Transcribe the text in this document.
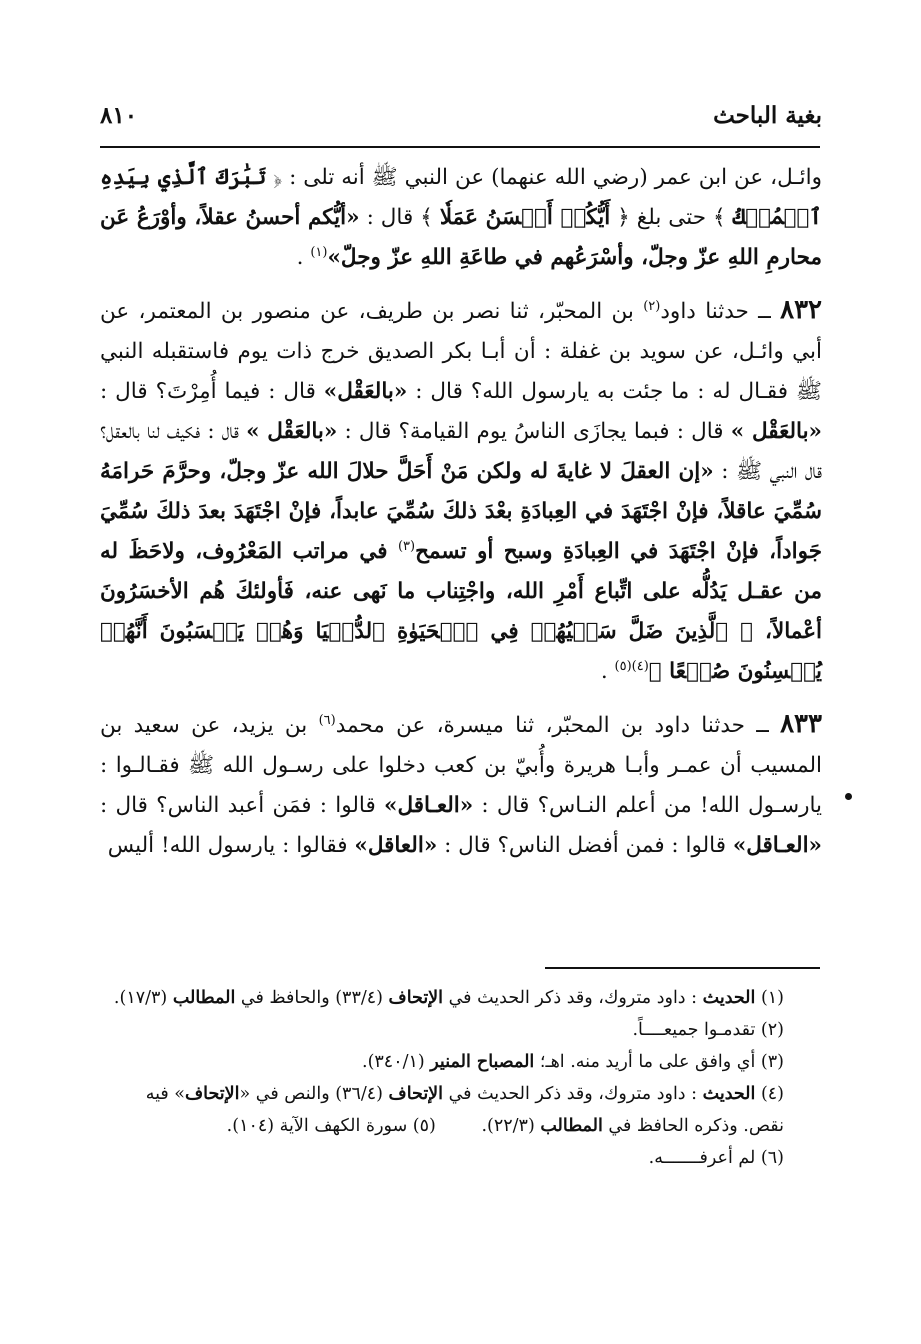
بغية الباحث
٨١٠

وائـل، عن ابن عمر (رضي الله عنهما) عن النبي ﷺ أنه تلى : ﴿ تَبَٰرَكَ ٱلَّذِي بِيَدِهِ ٱلۡمُلۡكُ ﴾ حتى بلغ ﴿ أَيُّكُمۡ أَحۡسَنُ عَمَلٗا ﴾ قال : «أيُّكم أحسنُ عقلاً، وأوْرَعُ عَن محارمِ اللهِ عزّ وجلّ، وأسْرَعُهم في طاعَةِ اللهِ عزّ وجلّ»$^{(١)}$ .

٨٣٢ ــ حدثنا داود$^{(٢)}$ بن المحبّر، ثنا نصر بن طريف، عن منصور بن المعتمر، عن أبي وائـل، عن سويد بن غفلة : أن أبـا بكر الصديق خرج ذات يوم فاستقبله النبي ﷺ فقـال له : ما جئت به يارسول الله؟ قال : «بالعَقْل» قال : فيما أُمِرْتَ؟ قال : «بالعَقْل » قال : فبما يجازَى الناسُ يوم القيامة؟ قال : «بالعَقْل » قال : فكيف لنا بالعقل؟ قال النبي ﷺ : «إن العقلَ لا غايةَ له ولكن مَنْ أَحَلَّ حلالَ الله عزّ وجلّ، وحرَّمَ حَرامَهُ سُمِّيَ عاقلاً، فإنْ اجْتَهَدَ في العِبادَةِ بعْدَ ذلكَ سُمِّيَ عابداً، فإنْ اجْتَهَدَ بعدَ ذلكَ سُمِّيَ جَواداً، فإنْ اجْتَهَدَ في العِبادَةِ وسبح أو تسمح$^{(٣)}$ في مراتب المَعْرُوف، ولاحَظَ له من عقـل يَدُلُّه على اتِّباع أَمْرِ الله، واجْتِناب ما نَهى عنه، فَأولئكَ هُم الأخسَرُونَ أعْمالاً، ﴿ ٱلَّذِينَ ضَلَّ سَعۡيُهُمۡ فِي ٱلۡحَيَوٰةِ ٱلدُّنۡيَا وَهُمۡ يَحۡسَبُونَ أَنَّهُمۡ يُحۡسِنُونَ صُنۡعًا ﴾$^{(٤)(٥)}$ .

٨٣٣ ــ حدثنا داود بن المحبّر، ثنا ميسرة، عن محمد$^{(٦)}$ بن يزيد، عن سعيد بن المسيب أن عمـر وأبـا هريرة وأُبيّ بن كعب دخلوا على رسـول الله ﷺ فقـالـوا : يارسـول الله! من أعلم النـاس؟ قال : «العـاقل» قالوا : فمَن أعبد الناس؟ قال : «العـاقل» قالوا : فمن أفضل الناس؟ قال : «العاقل» فقالوا : يارسول الله! أليس

(١) الحديث : داود متروك، وقد ذكر الحديث في الإتحاف (٣٣/٤) والحافظ في المطالب (١٧/٣).

(٢) تقدمـوا جميعــــاً.

(٣) أي وافق على ما أريد منه. اهـ؛ المصباح المنير (٣٤٠/١).

(٤) الحديث : داود متروك، وقد ذكر الحديث في الإتحاف (٣٦/٤) والنص في «الإتحاف» فيه نقص. وذكره الحافظ في المطالب (٢٢/٣). (٥) سورة الكهف الآية (١٠٤).

(٦) لم أعرفـــــــه.
